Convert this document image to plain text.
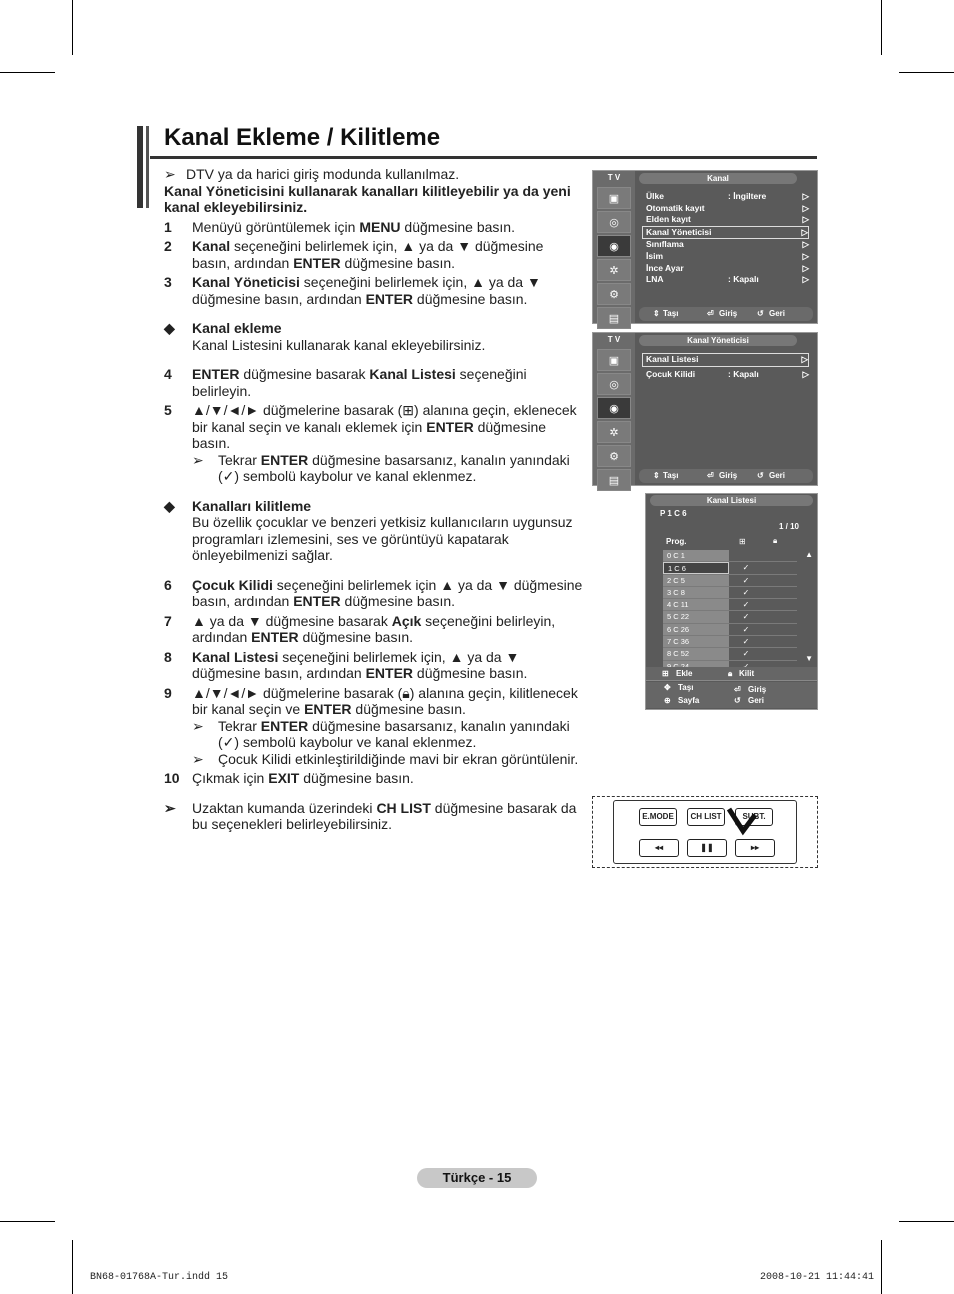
Kanal Ekleme / Kilitleme

➢ DTV ya da harici giriş modunda kullanılmaz.

Kanal Yöneticisini kullanarak kanalları kilitleyebilir ya da yeni kanal ekleyebilirsiniz.

1	Menüyü görüntülemek için MENU düğmesine basın.
2	Kanal seçeneğini belirlemek için, ▲ ya da ▼ düğmesine basın, ardından ENTER düğmesine basın.
3	Kanal Yöneticisi seçeneğini belirlemek için, ▲ ya da ▼ düğmesine basın, ardından ENTER düğmesine basın.
◆	Kanal ekleme
Kanal Listesini kullanarak kanal ekleyebilirsiniz.
4	ENTER düğmesine basarak Kanal Listesi seçeneğini belirleyin.
5	▲/▼/◄/► düğmelerine basarak (⊞) alanına geçin, eklenecek bir kanal seçin ve kanalı eklemek için ENTER düğmesine basın.
➢	Tekrar ENTER düğmesine basarsanız, kanalın yanındaki (✓) sembolü kaybolur ve kanal eklenmez.
◆	Kanalları kilitleme
Bu özellik çocuklar ve benzeri yetkisiz kullanıcıların uygunsuz programları izlemesini, ses ve görüntüyü kapatarak önleyebilmenizi sağlar.
6	Çocuk Kilidi seçeneğini belirlemek için ▲ ya da ▼ düğmesine basın, ardından ENTER düğmesine basın.
7	▲ ya da ▼ düğmesine basarak Açık seçeneğini belirleyin, ardından ENTER düğmesine basın.
8	Kanal Listesi seçeneğini belirlemek için, ▲ ya da ▼ düğmesine basın, ardından ENTER düğmesine basın.
9	▲/▼/◄/► düğmelerine basarak (🔒︎) alanına geçin, kilitlenecek bir kanal seçin ve ENTER düğmesine basın.
➢	Tekrar ENTER düğmesine basarsanız, kanalın yanındaki (✓) sembolü kaybolur ve kanal eklenmez.
➢	Çocuk Kilidi etkinleştirildiğinde mavi bir ekran görüntülenir.
10 Çıkmak için EXIT düğmesine basın.
➢	Uzaktan kumanda üzerindeki CH LIST düğmesine basarak da bu seçenekleri belirleyebilirsiniz.
T V
▣
◎
◉
✲
⚙
▤
Kanal
Ülke	: İngiltere	▷
Otomatik kayıt	▷
Elden kayıt	▷
Kanal Yöneticisi	▷
Sınıflama	▷
İsim	▷
İnce Ayar	▷
LNA	: Kapalı	▷
⇕ Taşı	⏎ Giriş ↺ Geri
T V
▣
◎
◉
✲
⚙
▤
Kanal Yöneticisi
Kanal Listesi	▷
Çocuk Kilidi	: Kapalı	▷
⇕ Taşı	⏎ Giriş ↺ Geri
Kanal Listesi
P 1 C 6
1 / 10
Prog.	⊞	🔒︎
0 C 1
1 C 6	✓
2 C 5	✓
3 C 8	✓
4 C 11	✓
5 C 22	✓
6 C 26	✓
7 C 36	✓
8 C 52	✓
▲
▼
⊞ Ekle	🔒︎ Kilit
✥ Taşı	⏎ Giriş
⊕ Sayfa	↺ Geri
E.MODE	CH LIST	SUBT.
◂◂	❚❚	▸▸
Türkçe - 15
BN68-01768A-Tur.indd 15	2008-10-21 11:44:41
